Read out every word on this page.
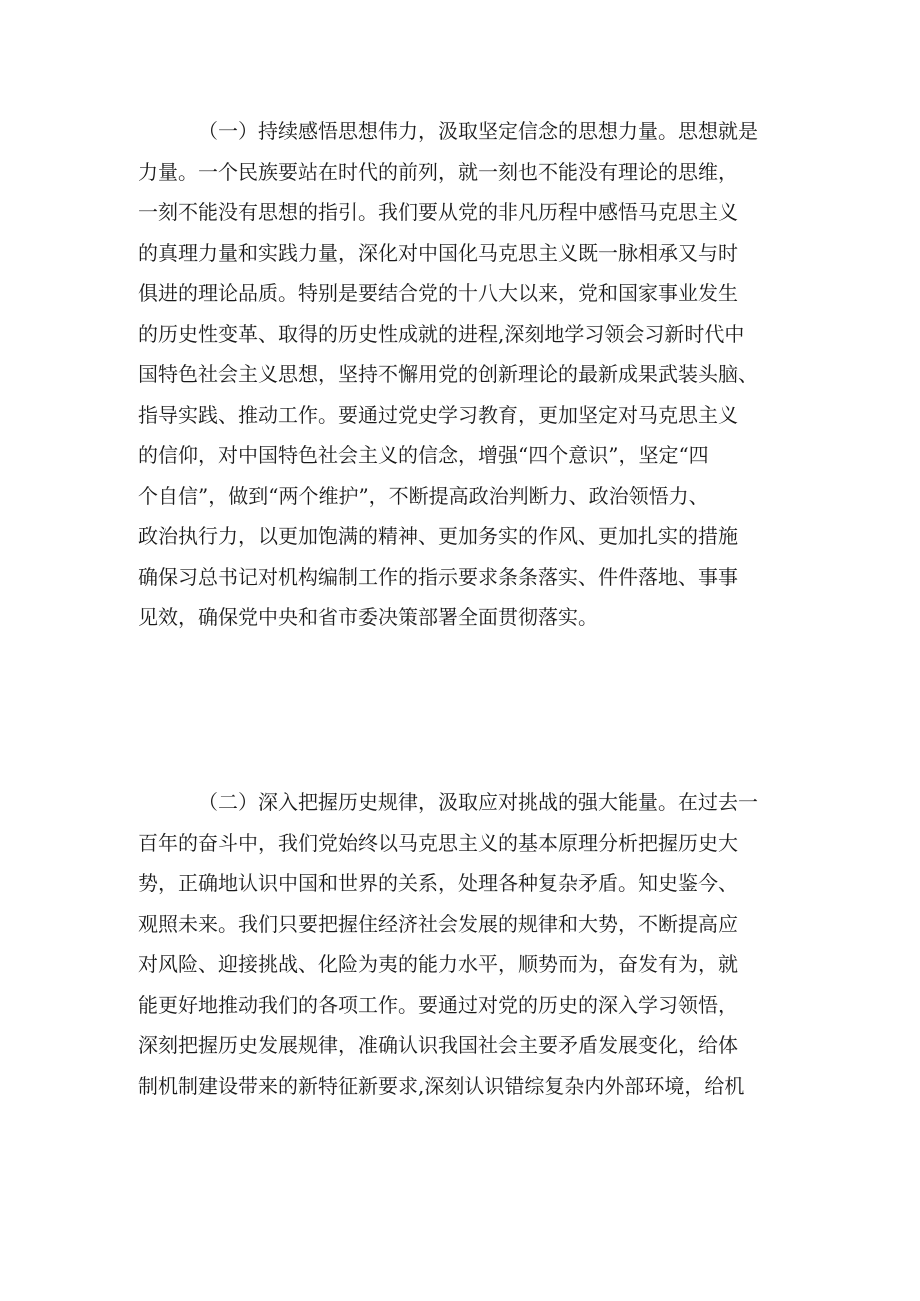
（一）持续感悟思想伟力，汲取坚定信念的思想力量。思想就是
力量。一个民族要站在时代的前列，就一刻也不能没有理论的思维，
一刻不能没有思想的指引。我们要从党的非凡历程中感悟马克思主义
的真理力量和实践力量，深化对中国化马克思主义既一脉相承又与时
俱进的理论品质。特别是要结合党的十八大以来，党和国家事业发生
的历史性变革、取得的历史性成就的进程,深刻地学习领会习新时代中
国特色社会主义思想，坚持不懈用党的创新理论的最新成果武装头脑、
指导实践、推动工作。要通过党史学习教育，更加坚定对马克思主义
的信仰，对中国特色社会主义的信念，增强“四个意识”，坚定“四
个自信”，做到“两个维护”，不断提高政治判断力、政治领悟力、
政治执行力，以更加饱满的精神、更加务实的作风、更加扎实的措施
确保习总书记对机构编制工作的指示要求条条落实、件件落地、事事
见效，确保党中央和省市委决策部署全面贯彻落实。
（二）深入把握历史规律，汲取应对挑战的强大能量。在过去一
百年的奋斗中，我们党始终以马克思主义的基本原理分析把握历史大
势，正确地认识中国和世界的关系，处理各种复杂矛盾。知史鉴今、
观照未来。我们只要把握住经济社会发展的规律和大势，不断提高应
对风险、迎接挑战、化险为夷的能力水平，顺势而为，奋发有为，就
能更好地推动我们的各项工作。要通过对党的历史的深入学习领悟，
深刻把握历史发展规律，准确认识我国社会主要矛盾发展变化，给体
制机制建设带来的新特征新要求,深刻认识错综复杂内外部环境，给机
